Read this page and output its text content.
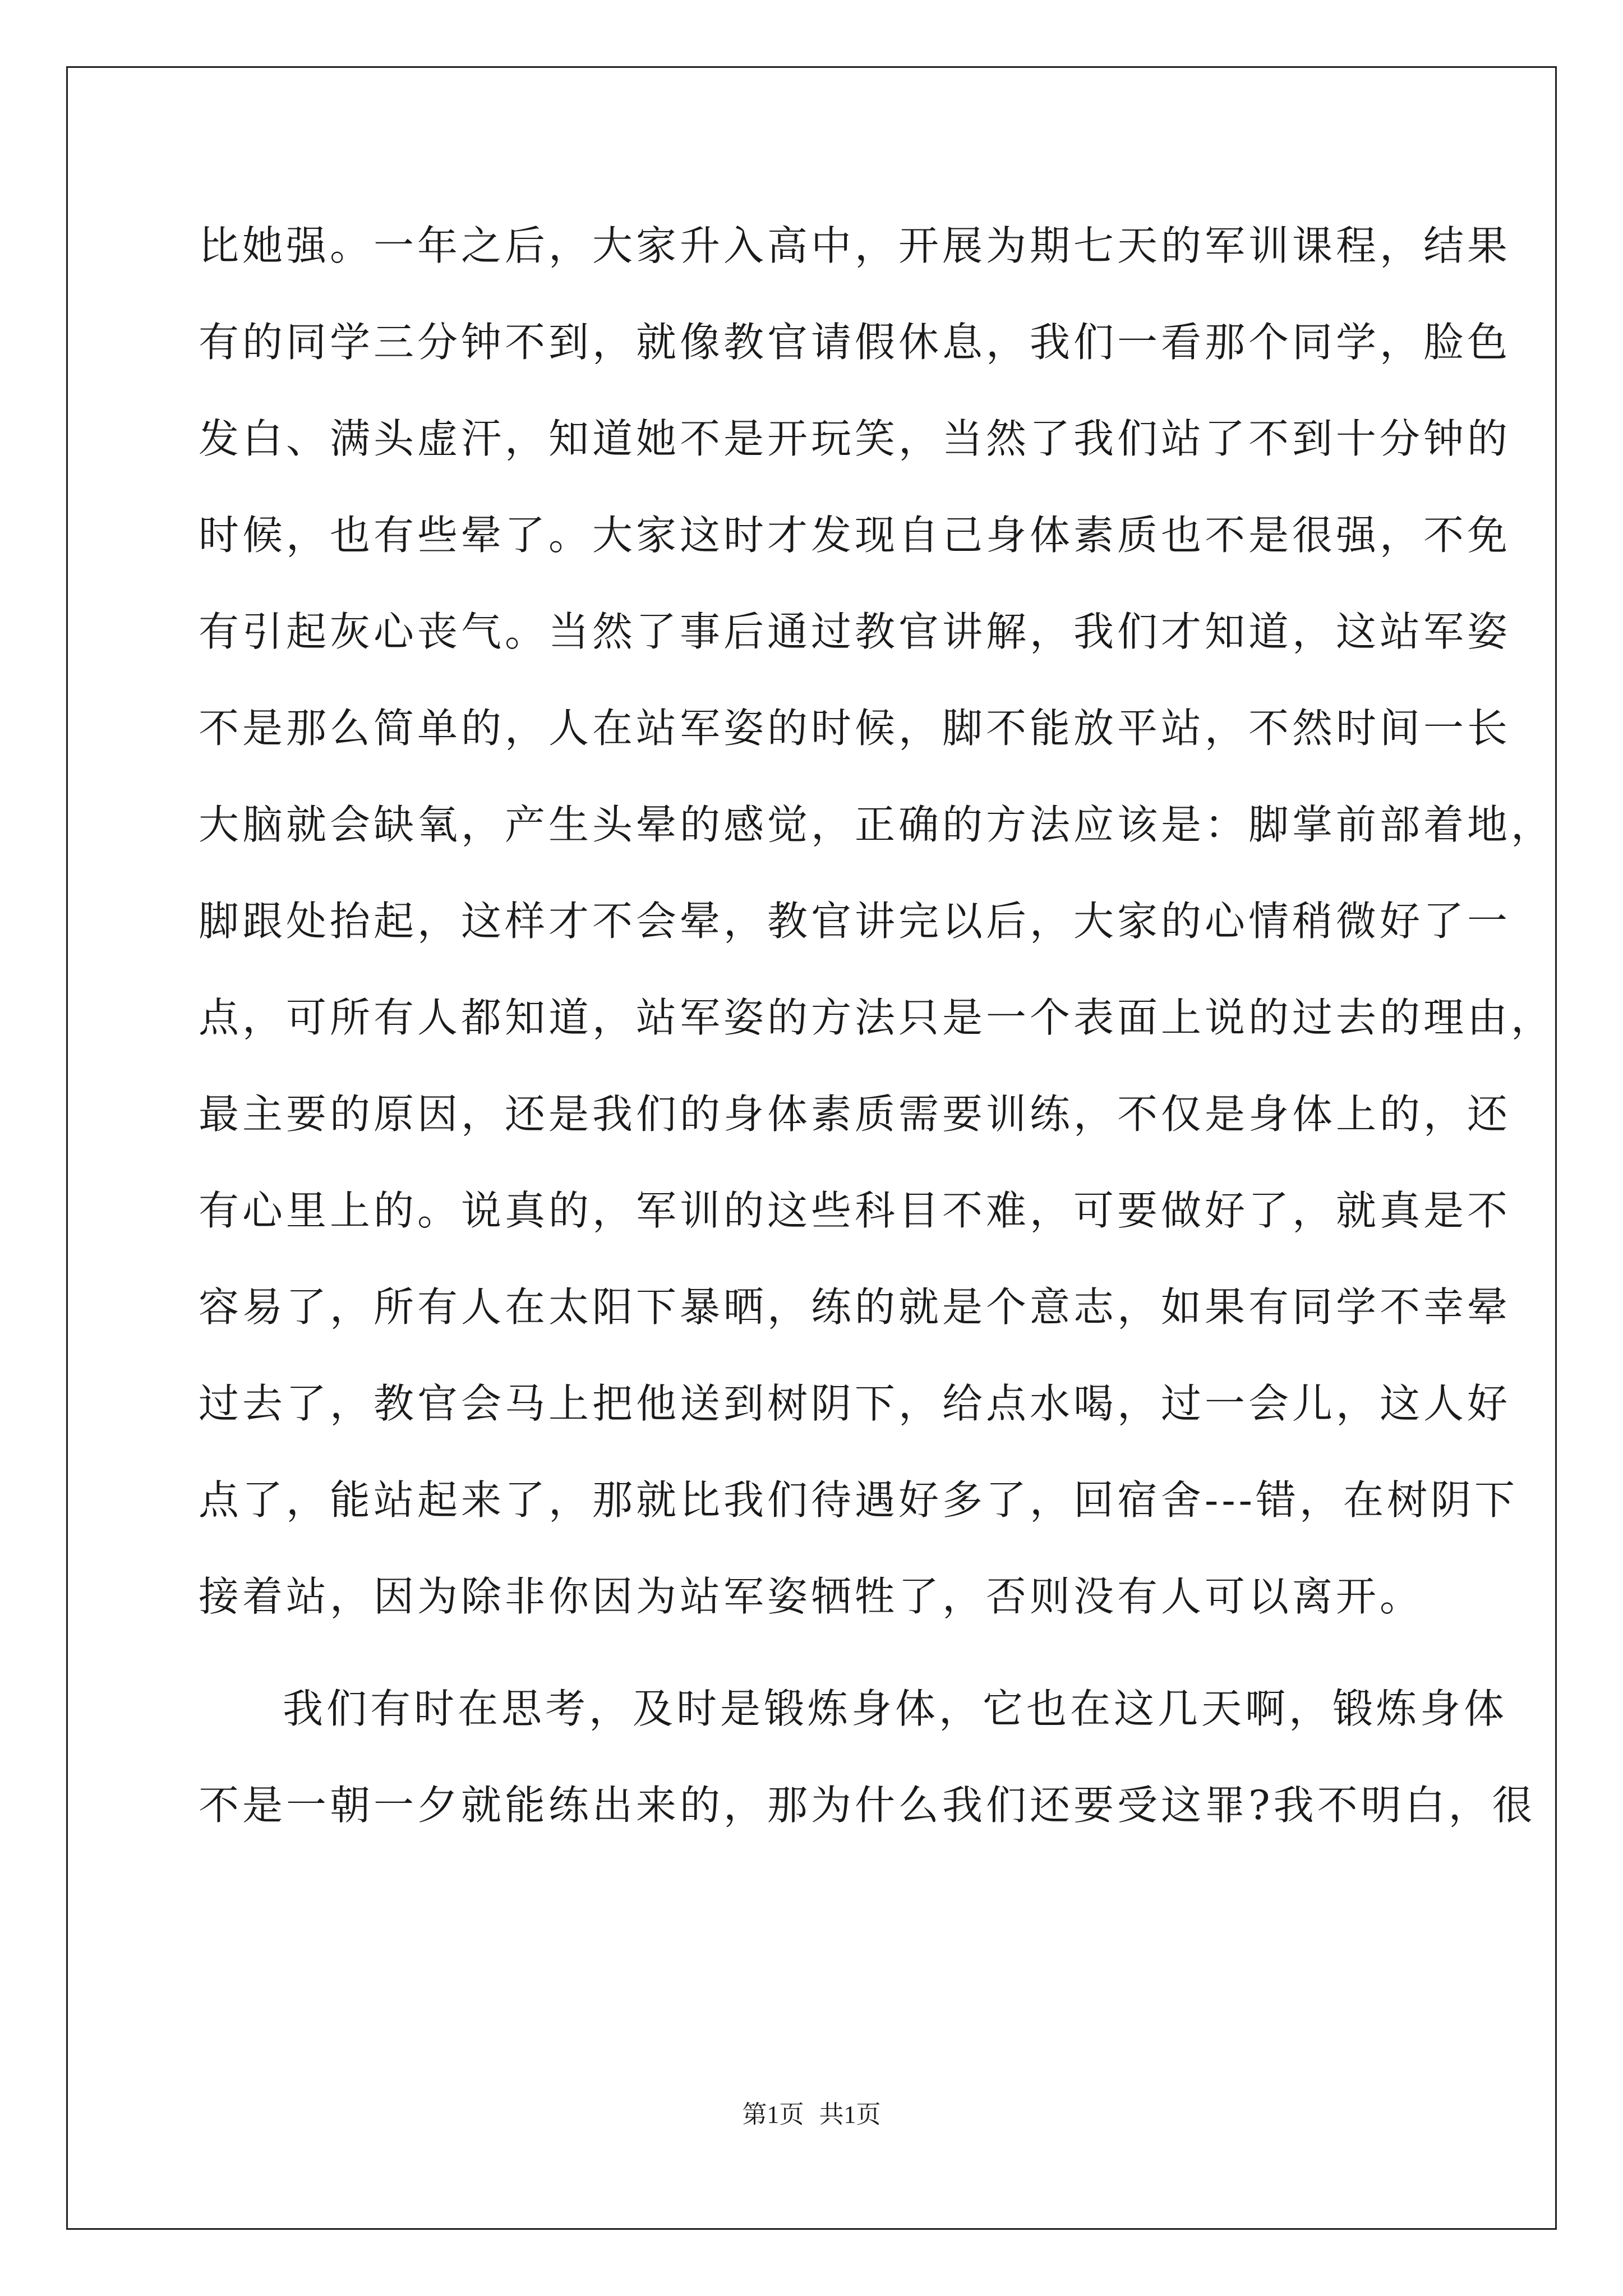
比她强。一年之后，大家升入高中，开展为期七天的军训课程，结果
有的同学三分钟不到，就像教官请假休息，我们一看那个同学，脸色
发白、满头虚汗，知道她不是开玩笑，当然了我们站了不到十分钟的
时候，也有些晕了。大家这时才发现自己身体素质也不是很强，不免
有引起灰心丧气。当然了事后通过教官讲解，我们才知道，这站军姿
不是那么简单的，人在站军姿的时候，脚不能放平站，不然时间一长
大脑就会缺氧，产生头晕的感觉，正确的方法应该是：脚掌前部着地，
脚跟处抬起，这样才不会晕，教官讲完以后，大家的心情稍微好了一
点，可所有人都知道，站军姿的方法只是一个表面上说的过去的理由，
最主要的原因，还是我们的身体素质需要训练，不仅是身体上的，还
有心里上的。说真的，军训的这些科目不难，可要做好了，就真是不
容易了，所有人在太阳下暴晒，练的就是个意志，如果有同学不幸晕
过去了，教官会马上把他送到树阴下，给点水喝，过一会儿，这人好
点了，能站起来了，那就比我们待遇好多了，回宿舍---错，在树阴下
接着站，因为除非你因为站军姿牺牲了，否则没有人可以离开。
我们有时在思考，及时是锻炼身体，它也在这几天啊，锻炼身体
不是一朝一夕就能练出来的，那为什么我们还要受这罪?我不明白，很
第1页 共1页
